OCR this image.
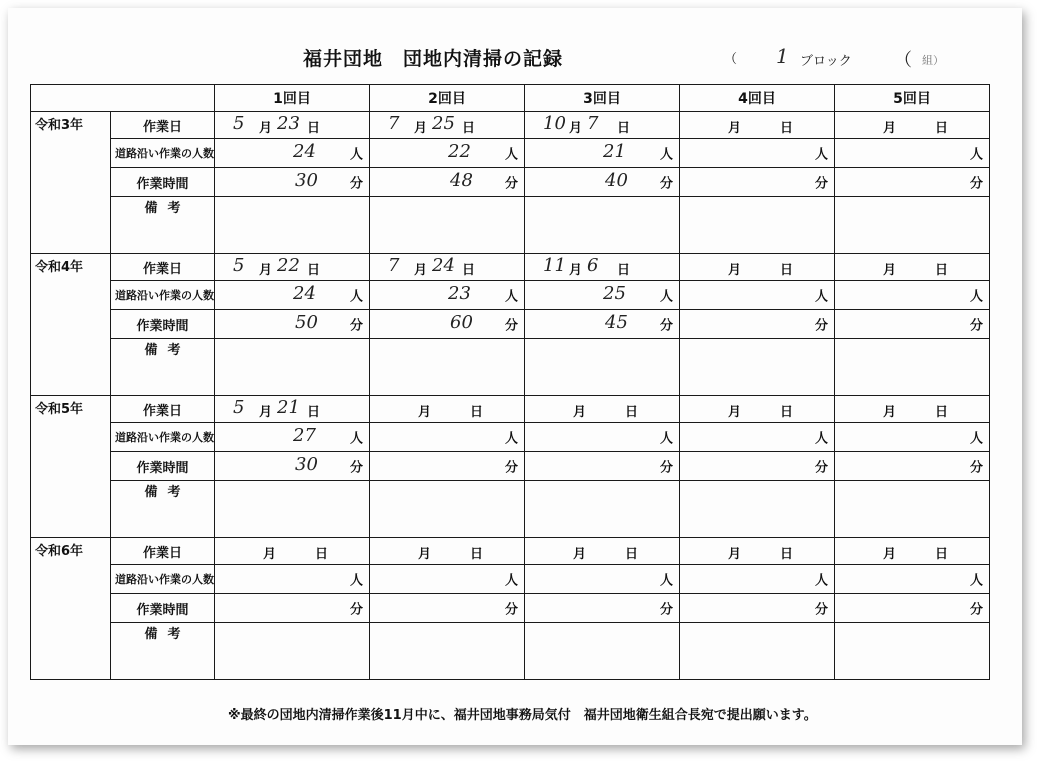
福井団地　団地内清掃の記録	（ 1 ブロック （ 組）
		1回目	2回目	3回目	4回目	5回目
令和3年	作業日	5 月 23 日	7 月 25 日	10 月 7 日	月 日	月 日

	道路沿い作業の人数	24 人	22 人	21 人	人	人

	作業時間	30 分	48 分	40 分	分	分

	備考					
令和4年	作業日	5 月 22 日	7 月 24 日	11 月 6 日	月 日	月 日

	道路沿い作業の人数	24 人	23 人	25 人	人	人

	作業時間	50 分	60 分	45 分	分	分

	備考					
令和5年	作業日	5 月 21 日	月 日	月 日	月 日	月 日

	道路沿い作業の人数	27 人	人	人	人	人

	作業時間	30 分	分	分	分	分

	備考					
令和6年	作業日	月 日	月 日	月 日	月 日	月 日

	道路沿い作業の人数	人	人	人	人	人

	作業時間	分	分	分	分	分

	備考					
※最終の団地内清掃作業後11月中に、福井団地事務局気付　福井団地衛生組合長宛で提出願います。
